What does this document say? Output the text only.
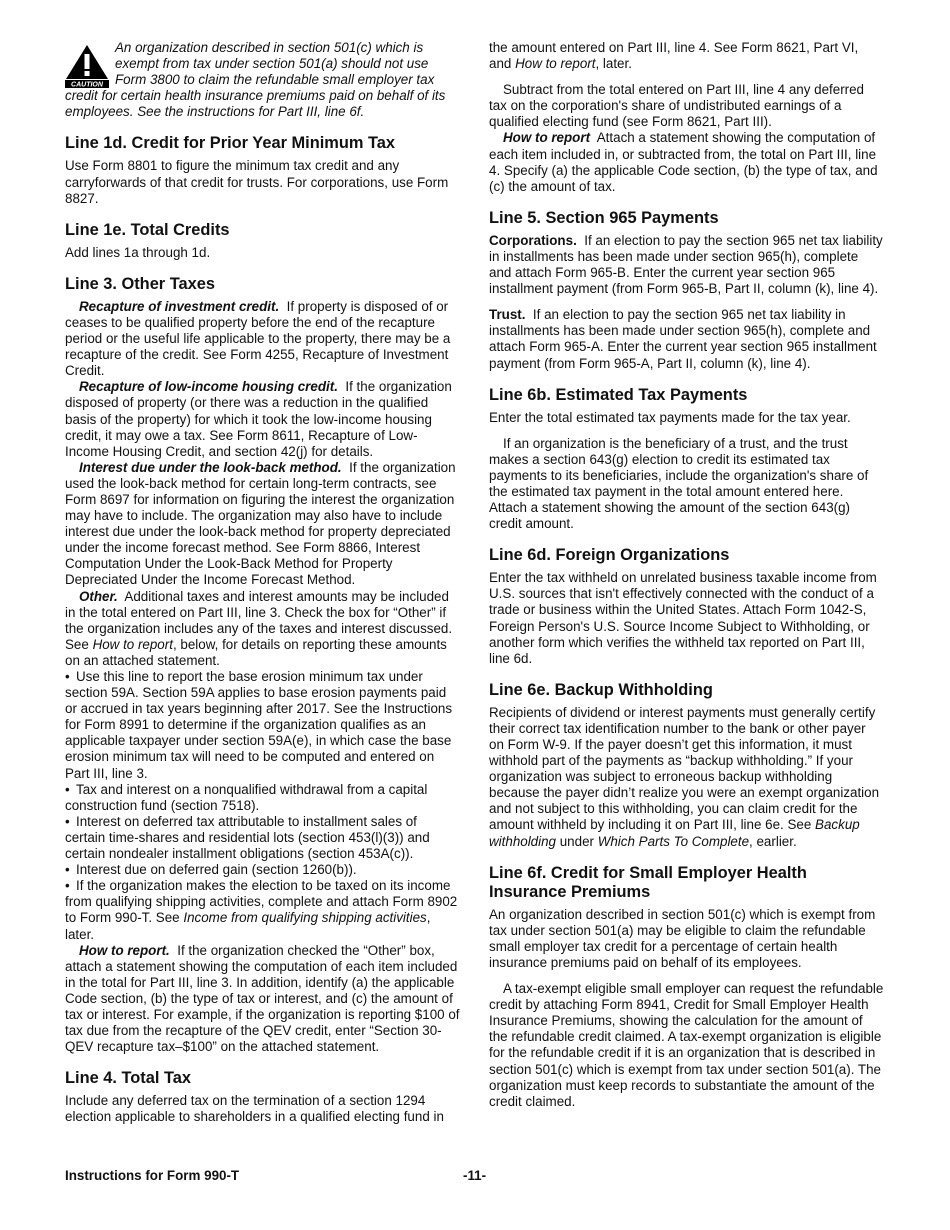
CAUTION
An organization described in section 501(c) which is exempt from tax under section 501(a) should not use Form 3800 to claim the refundable small employer tax credit for certain health insurance premiums paid on behalf of its employees. See the instructions for Part III, line 6f.
Line 1d. Credit for Prior Year Minimum Tax

Use Form 8801 to figure the minimum tax credit and any carryforwards of that credit for trusts. For corporations, use Form 8827.

Line 1e. Total Credits

Add lines 1a through 1d.

Line 3. Other Taxes

Recapture of investment credit. If property is disposed of or ceases to be qualified property before the end of the recapture period or the useful life applicable to the property, there may be a recapture of the credit. See Form 4255, Recapture of Investment Credit.

Recapture of low-income housing credit. If the organization disposed of property (or there was a reduction in the qualified basis of the property) for which it took the low-income housing credit, it may owe a tax. See Form 8611, Recapture of Low-Income Housing Credit, and section 42(j) for details.

Interest due under the look-back method. If the organization used the look-back method for certain long-term contracts, see Form 8697 for information on figuring the interest the organization may have to include. The organization may also have to include interest due under the look-back method for property depreciated under the income forecast method. See Form 8866, Interest Computation Under the Look-Back Method for Property Depreciated Under the Income Forecast Method.

Other. Additional taxes and interest amounts may be included in the total entered on Part III, line 3. Check the box for “Other” if the organization includes any of the taxes and interest discussed. See How to report, below, for details on reporting these amounts on an attached statement.

• Use this line to report the base erosion minimum tax under section 59A. Section 59A applies to base erosion payments paid or accrued in tax years beginning after 2017. See the Instructions for Form 8991 to determine if the organization qualifies as an applicable taxpayer under section 59A(e), in which case the base erosion minimum tax will need to be computed and entered on Part III, line 3.
• Tax and interest on a nonqualified withdrawal from a capital construction fund (section 7518).
• Interest on deferred tax attributable to installment sales of certain time-shares and residential lots (section 453(l)(3)) and certain nondealer installment obligations (section 453A(c)).
• Interest due on deferred gain (section 1260(b)).
• If the organization makes the election to be taxed on its income from qualifying shipping activities, complete and attach Form 8902 to Form 990-T. See Income from qualifying shipping activities, later.

How to report. If the organization checked the “Other” box, attach a statement showing the computation of each item included in the total for Part III, line 3. In addition, identify (a) the applicable Code section, (b) the type of tax or interest, and (c) the amount of tax or interest. For example, if the organization is reporting $100 of tax due from the recapture of the QEV credit, enter “Section 30-QEV recapture tax–$100” on the attached statement.

Line 4. Total Tax

Include any deferred tax on the termination of a section 1294 election applicable to shareholders in a qualified electing fund in

the amount entered on Part III, line 4. See Form 8621, Part VI, and How to report, later.

Subtract from the total entered on Part III, line 4 any deferred tax on the corporation's share of undistributed earnings of a qualified electing fund (see Form 8621, Part III).

How to report Attach a statement showing the computation of each item included in, or subtracted from, the total on Part III, line 4. Specify (a) the applicable Code section, (b) the type of tax, and (c) the amount of tax.

Line 5. Section 965 Payments

Corporations. If an election to pay the section 965 net tax liability in installments has been made under section 965(h), complete and attach Form 965-B. Enter the current year section 965 installment payment (from Form 965-B, Part II, column (k), line 4).

Trust. If an election to pay the section 965 net tax liability in installments has been made under section 965(h), complete and attach Form 965-A. Enter the current year section 965 installment payment (from Form 965-A, Part II, column (k), line 4).

Line 6b. Estimated Tax Payments

Enter the total estimated tax payments made for the tax year.

If an organization is the beneficiary of a trust, and the trust makes a section 643(g) election to credit its estimated tax payments to its beneficiaries, include the organization's share of the estimated tax payment in the total amount entered here. Attach a statement showing the amount of the section 643(g) credit amount.

Line 6d. Foreign Organizations

Enter the tax withheld on unrelated business taxable income from U.S. sources that isn't effectively connected with the conduct of a trade or business within the United States. Attach Form 1042-S, Foreign Person's U.S. Source Income Subject to Withholding, or another form which verifies the withheld tax reported on Part III, line 6d.

Line 6e. Backup Withholding

Recipients of dividend or interest payments must generally certify their correct tax identification number to the bank or other payer on Form W-9. If the payer doesn’t get this information, it must withhold part of the payments as “backup withholding.” If your organization was subject to erroneous backup withholding because the payer didn’t realize you were an exempt organization and not subject to this withholding, you can claim credit for the amount withheld by including it on Part III, line 6e. See Backup withholding under Which Parts To Complete, earlier.

Line 6f. Credit for Small Employer Health Insurance Premiums

An organization described in section 501(c) which is exempt from tax under section 501(a) may be eligible to claim the refundable small employer tax credit for a percentage of certain health insurance premiums paid on behalf of its employees.

A tax-exempt eligible small employer can request the refundable credit by attaching Form 8941, Credit for Small Employer Health Insurance Premiums, showing the calculation for the amount of the refundable credit claimed. A tax-exempt organization is eligible for the refundable credit if it is an organization that is described in section 501(c) which is exempt from tax under section 501(a). The organization must keep records to substantiate the amount of the credit claimed.

Instructions for Form 990-T	-11-
